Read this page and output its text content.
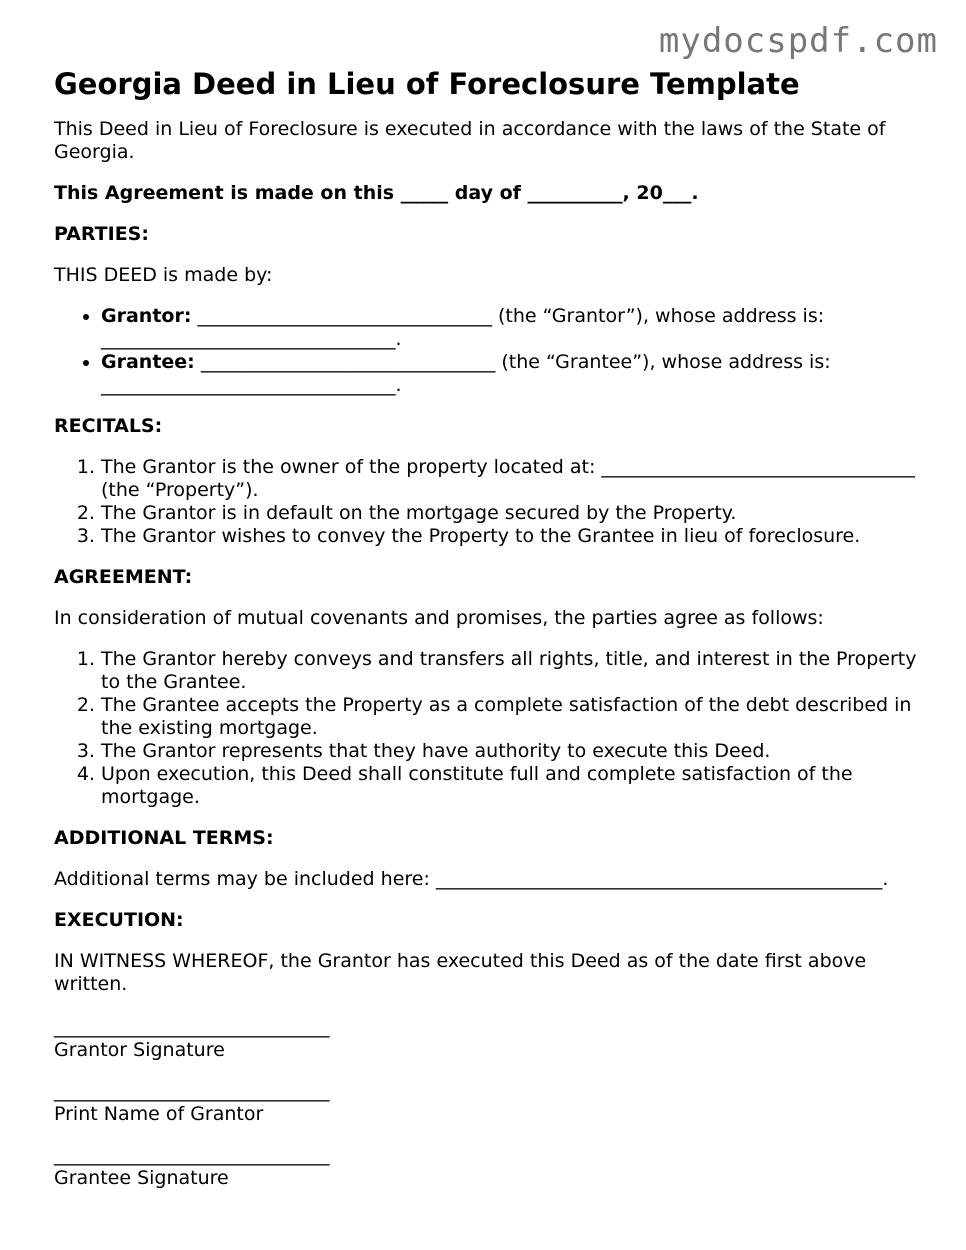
mydocspdf.com
Georgia Deed in Lieu of Foreclosure Template

This Deed in Lieu of Foreclosure is executed in accordance with the laws of the State of Georgia.

This Agreement is made on this _____ day of __________, 20___.

PARTIES:

THIS DEED is made by:

• Grantor: _______________________________ (the “Grantor”), whose address is: _______________________________.
• Grantee: _______________________________ (the “Grantee”), whose address is: _______________________________.

RECITALS:

1. The Grantor is the owner of the property located at: _________________________________ (the “Property”).
2. The Grantor is in default on the mortgage secured by the Property.
3. The Grantor wishes to convey the Property to the Grantee in lieu of foreclosure.

AGREEMENT:

In consideration of mutual covenants and promises, the parties agree as follows:

1. The Grantor hereby conveys and transfers all rights, title, and interest in the Property to the Grantee.
2. The Grantee accepts the Property as a complete satisfaction of the debt described in the existing mortgage.
3. The Grantor represents that they have authority to execute this Deed.
4. Upon execution, this Deed shall constitute full and complete satisfaction of the mortgage.

ADDITIONAL TERMS:

Additional terms may be included here: _______________________________________________.

EXECUTION:

IN WITNESS WHEREOF, the Grantor has executed this Deed as of the date first above written.

_____________________________
Grantor Signature
_____________________________
Print Name of Grantor
_____________________________
Grantee Signature
